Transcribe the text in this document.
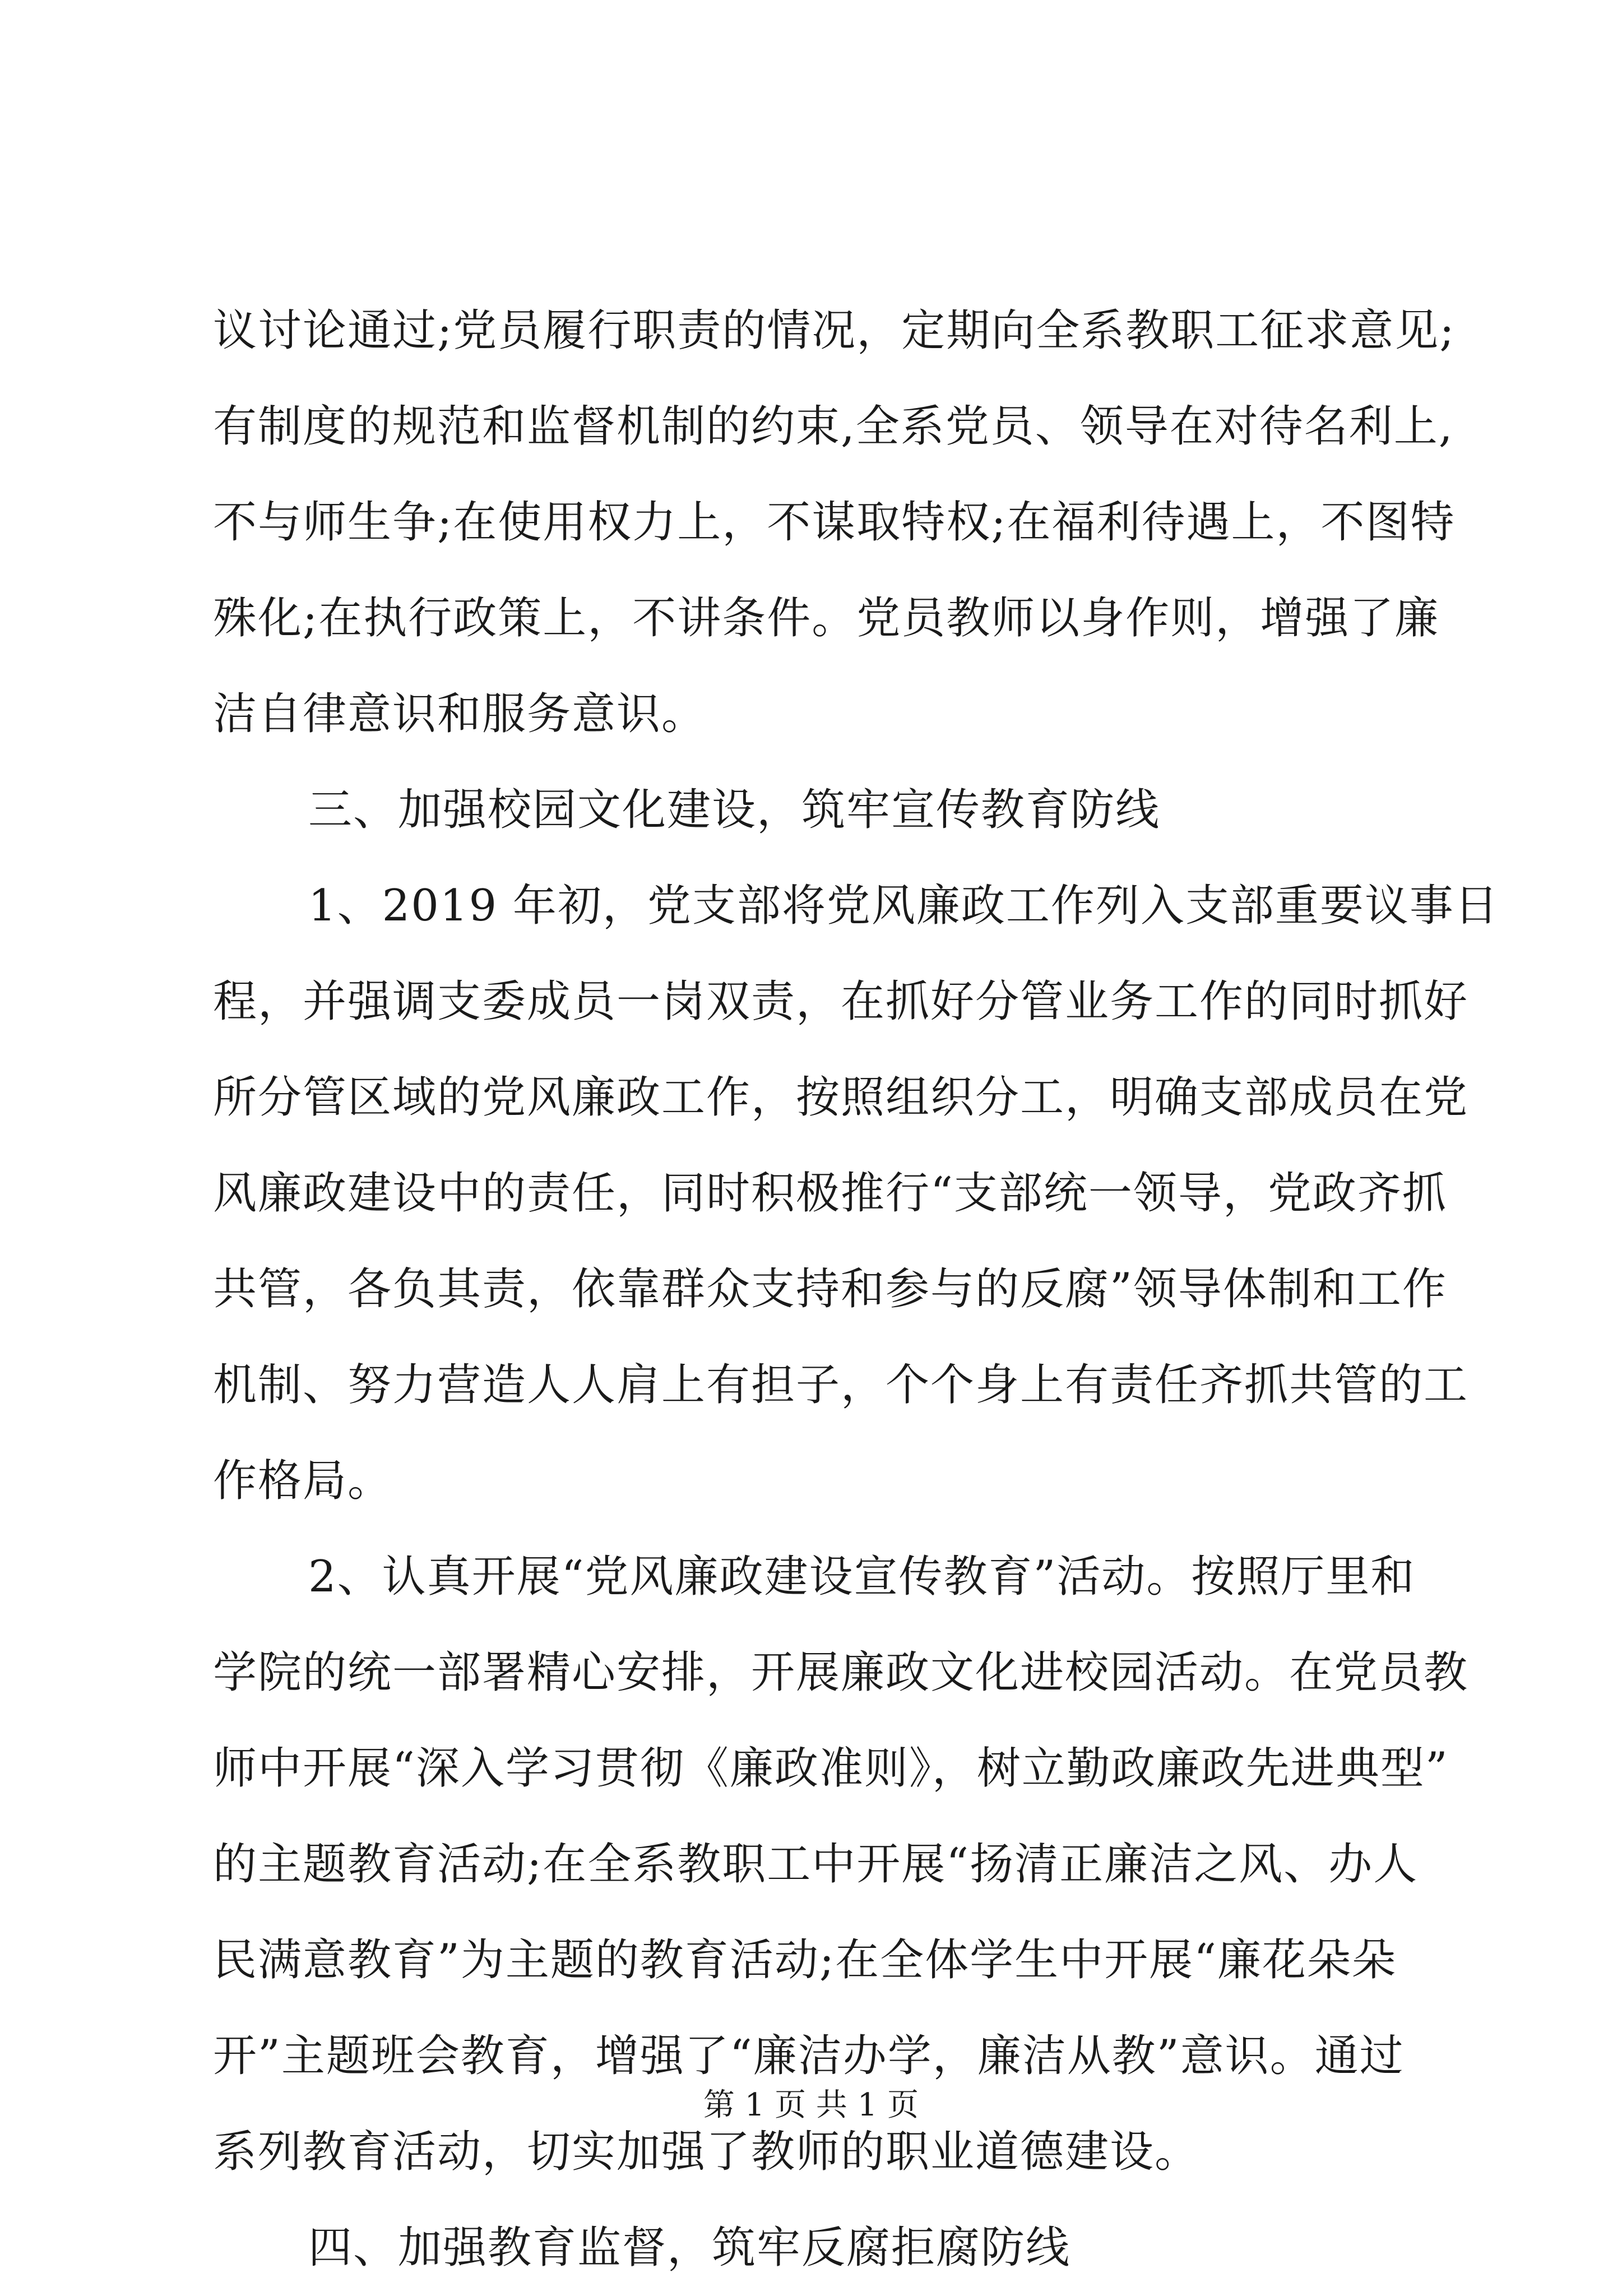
议讨论通过;党员履行职责的情况，定期向全系教职工征求意见;
有制度的规范和监督机制的约束,全系党员、领导在对待名利上,
不与师生争;在使用权力上，不谋取特权;在福利待遇上，不图特
殊化;在执行政策上，不讲条件。党员教师以身作则，增强了廉
洁自律意识和服务意识。
三、加强校园文化建设，筑牢宣传教育防线
1、2019 年初，党支部将党风廉政工作列入支部重要议事日
程，并强调支委成员一岗双责，在抓好分管业务工作的同时抓好
所分管区域的党风廉政工作，按照组织分工，明确支部成员在党
风廉政建设中的责任，同时积极推行“支部统一领导，党政齐抓
共管，各负其责，依靠群众支持和参与的反腐”领导体制和工作
机制、努力营造人人肩上有担子，个个身上有责任齐抓共管的工
作格局。
2、认真开展“党风廉政建设宣传教育”活动。按照厅里和
学院的统一部署精心安排，开展廉政文化进校园活动。在党员教
师中开展“深入学习贯彻《廉政准则》，树立勤政廉政先进典型”
的主题教育活动;在全系教职工中开展“扬清正廉洁之风、办人
民满意教育”为主题的教育活动;在全体学生中开展“廉花朵朵
开”主题班会教育，增强了“廉洁办学，廉洁从教”意识。通过
系列教育活动，切实加强了教师的职业道德建设。
四、加强教育监督，筑牢反腐拒腐防线
第 1 页 共 1 页
